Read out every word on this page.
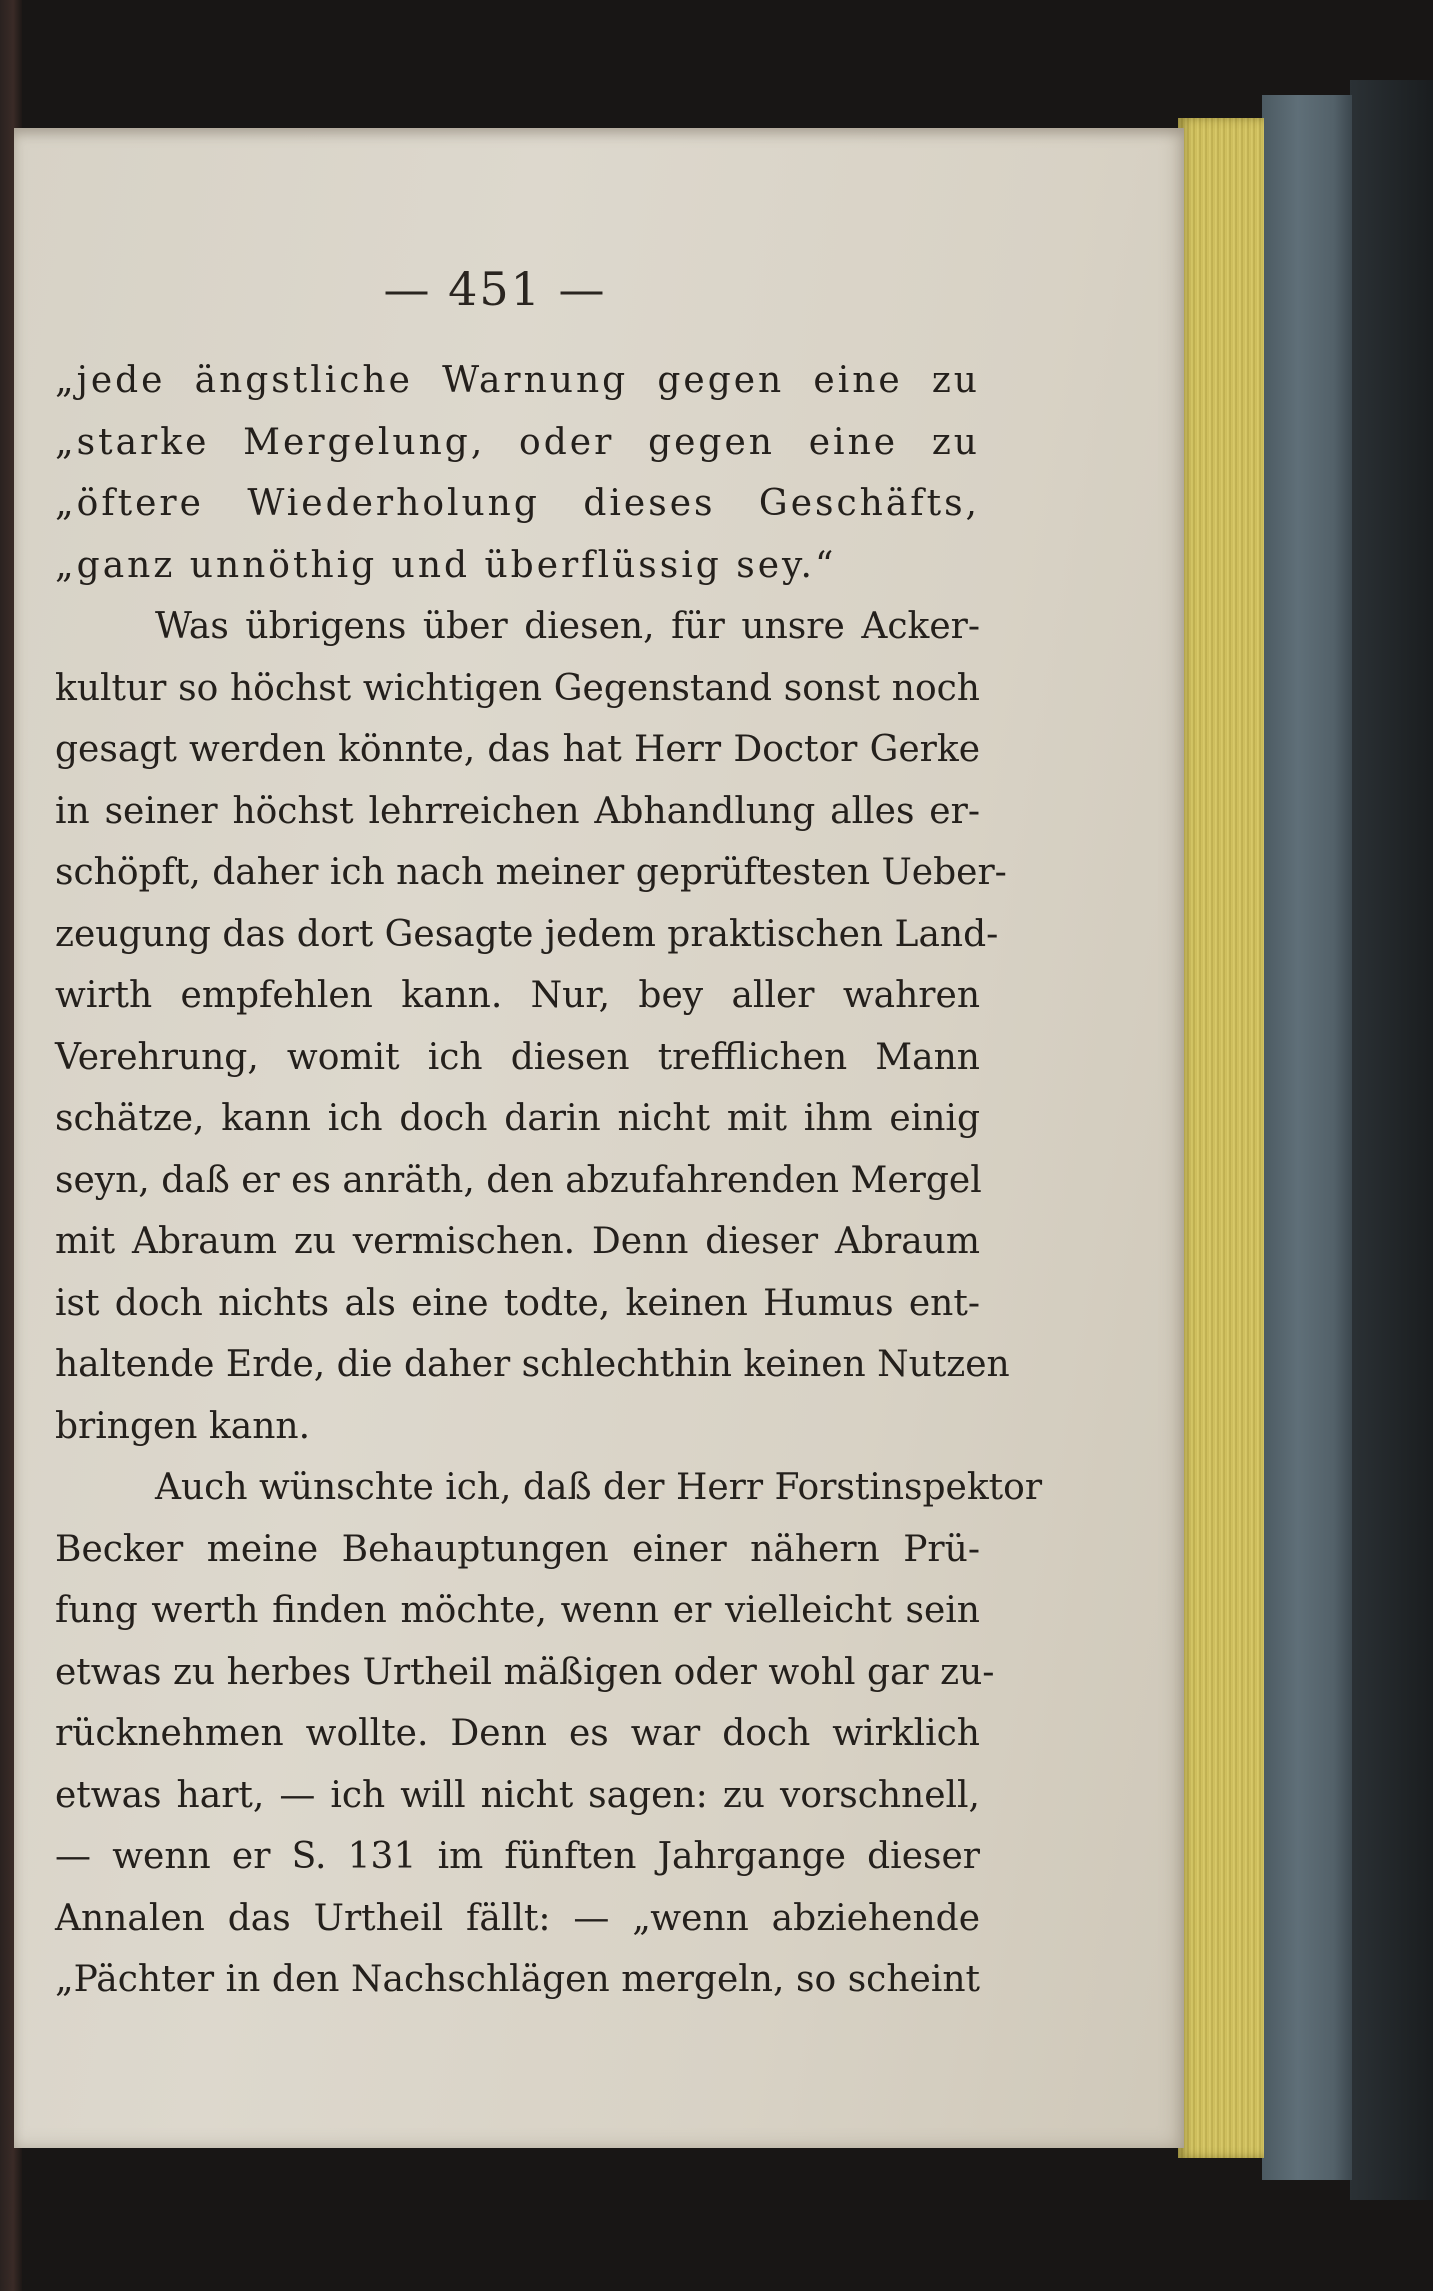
— 451 —
„jede ängstliche Warnung gegen eine zu
„starke Mergelung, oder gegen eine zu
„öftere Wiederholung dieses Geschäfts,
„ganz unnöthig und überflüssig sey.“
Was übrigens über diesen, für unsre Acker-
kultur so höchst wichtigen Gegenstand sonst noch
gesagt werden könnte, das hat Herr Doctor Gerke
in seiner höchst lehrreichen Abhandlung alles er-
schöpft, daher ich nach meiner geprüftesten Ueber-
zeugung das dort Gesagte jedem praktischen Land-
wirth empfehlen kann. Nur, bey aller wahren
Verehrung, womit ich diesen trefflichen Mann
schätze, kann ich doch darin nicht mit ihm einig
seyn, daß er es anräth, den abzufahrenden Mergel
mit Abraum zu vermischen. Denn dieser Abraum
ist doch nichts als eine todte, keinen Humus ent-
haltende Erde, die daher schlechthin keinen Nutzen
bringen kann.
Auch wünschte ich, daß der Herr Forstinspektor
Becker meine Behauptungen einer nähern Prü-
fung werth finden möchte, wenn er vielleicht sein
etwas zu herbes Urtheil mäßigen oder wohl gar zu-
rücknehmen wollte. Denn es war doch wirklich
etwas hart, — ich will nicht sagen: zu vorschnell,
— wenn er S. 131 im fünften Jahrgange dieser
Annalen das Urtheil fällt: — „wenn abziehende
„Pächter in den Nachschlägen mergeln, so scheint
